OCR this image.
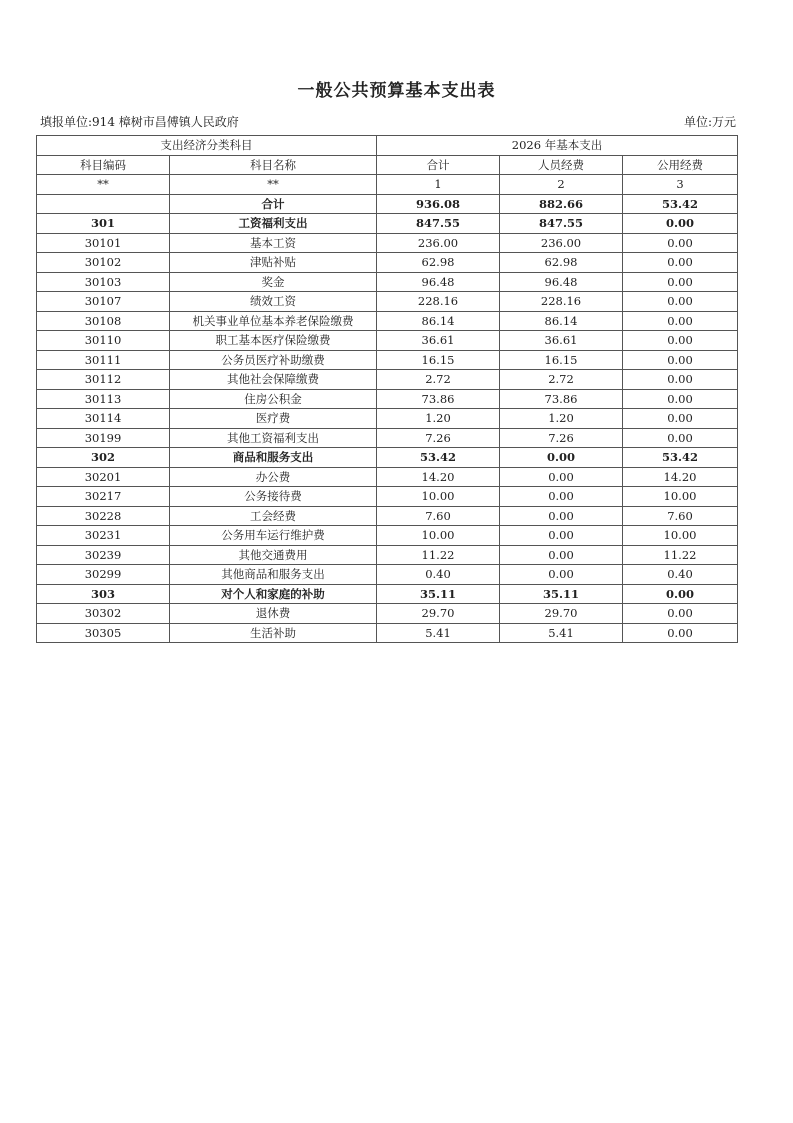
一般公共预算基本支出表
填报单位:914 樟树市昌傅镇人民政府	单位:万元
支出经济分类科目		2026 年基本支出		
科目编码	科目名称	合计	人员经费	公用经费
**	**	1	2	3
	合计	936.08	882.66	53.42
301	工资福利支出	847.55	847.55	0.00
30101	基本工资	236.00	236.00	0.00
30102	津贴补贴	62.98	62.98	0.00
30103	奖金	96.48	96.48	0.00
30107	绩效工资	228.16	228.16	0.00
30108	机关事业单位基本养老保险缴费	86.14	86.14	0.00
30110	职工基本医疗保险缴费	36.61	36.61	0.00
30111	公务员医疗补助缴费	16.15	16.15	0.00
30112	其他社会保障缴费	2.72	2.72	0.00
30113	住房公积金	73.86	73.86	0.00
30114	医疗费	1.20	1.20	0.00
30199	其他工资福利支出	7.26	7.26	0.00
302	商品和服务支出	53.42	0.00	53.42
30201	办公费	14.20	0.00	14.20
30217	公务接待费	10.00	0.00	10.00
30228	工会经费	7.60	0.00	7.60
30231	公务用车运行维护费	10.00	0.00	10.00
30239	其他交通费用	11.22	0.00	11.22
30299	其他商品和服务支出	0.40	0.00	0.40
303	对个人和家庭的补助	35.11	35.11	0.00
30302	退休费	29.70	29.70	0.00
30305	生活补助	5.41	5.41	0.00
